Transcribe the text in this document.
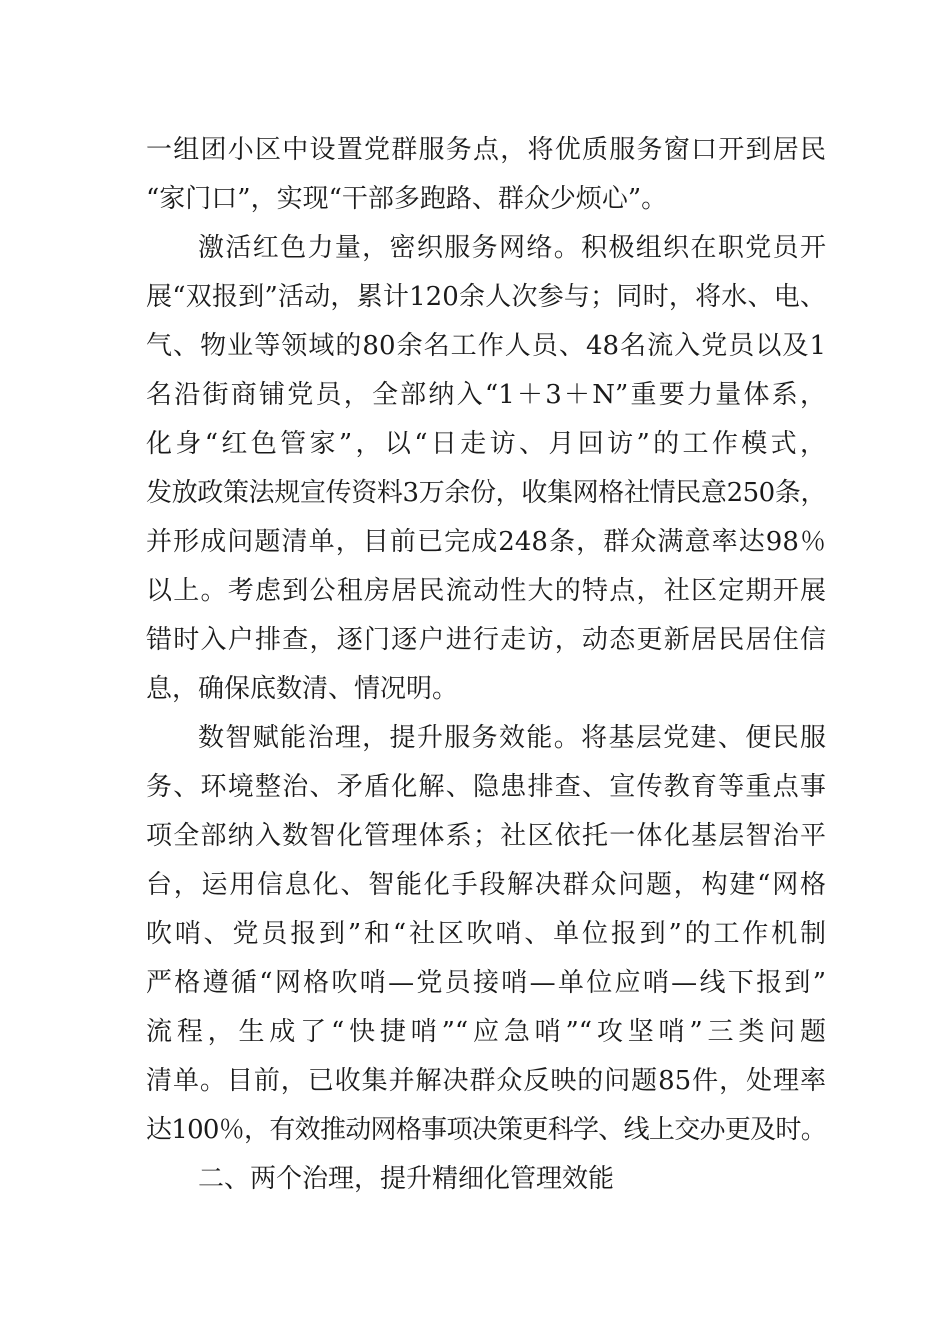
一组团小区中设置党群服务点，将优质服务窗口开到居民
“家门口”，实现“干部多跑路、群众少烦心”。
激活红色力量，密织服务网络。积极组织在职党员开
展“双报到”活动，累计120余人次参与；同时，将水、电、
气、物业等领域的80余名工作人员、48名流入党员以及1
名沿街商铺党员，全部纳入“1＋3＋N”重要力量体系，
化身“红色管家”，以“日走访、月回访”的工作模式，
发放政策法规宣传资料3万余份，收集网格社情民意250条，
并形成问题清单，目前已完成248条，群众满意率达98％
以上。考虑到公租房居民流动性大的特点，社区定期开展
错时入户排查，逐门逐户进行走访，动态更新居民居住信
息，确保底数清、情况明。
数智赋能治理，提升服务效能。将基层党建、便民服
务、环境整治、矛盾化解、隐患排查、宣传教育等重点事
项全部纳入数智化管理体系；社区依托一体化基层智治平
台，运用信息化、智能化手段解决群众问题，构建“网格
吹哨、党员报到”和“社区吹哨、单位报到”的工作机制
严格遵循“网格吹哨—党员接哨—单位应哨—线下报到”
流程，生成了“快捷哨”“应急哨”“攻坚哨”三类问题
清单。目前，已收集并解决群众反映的问题85件，处理率
达100％，有效推动网格事项决策更科学、线上交办更及时。
二、两个治理，提升精细化管理效能
